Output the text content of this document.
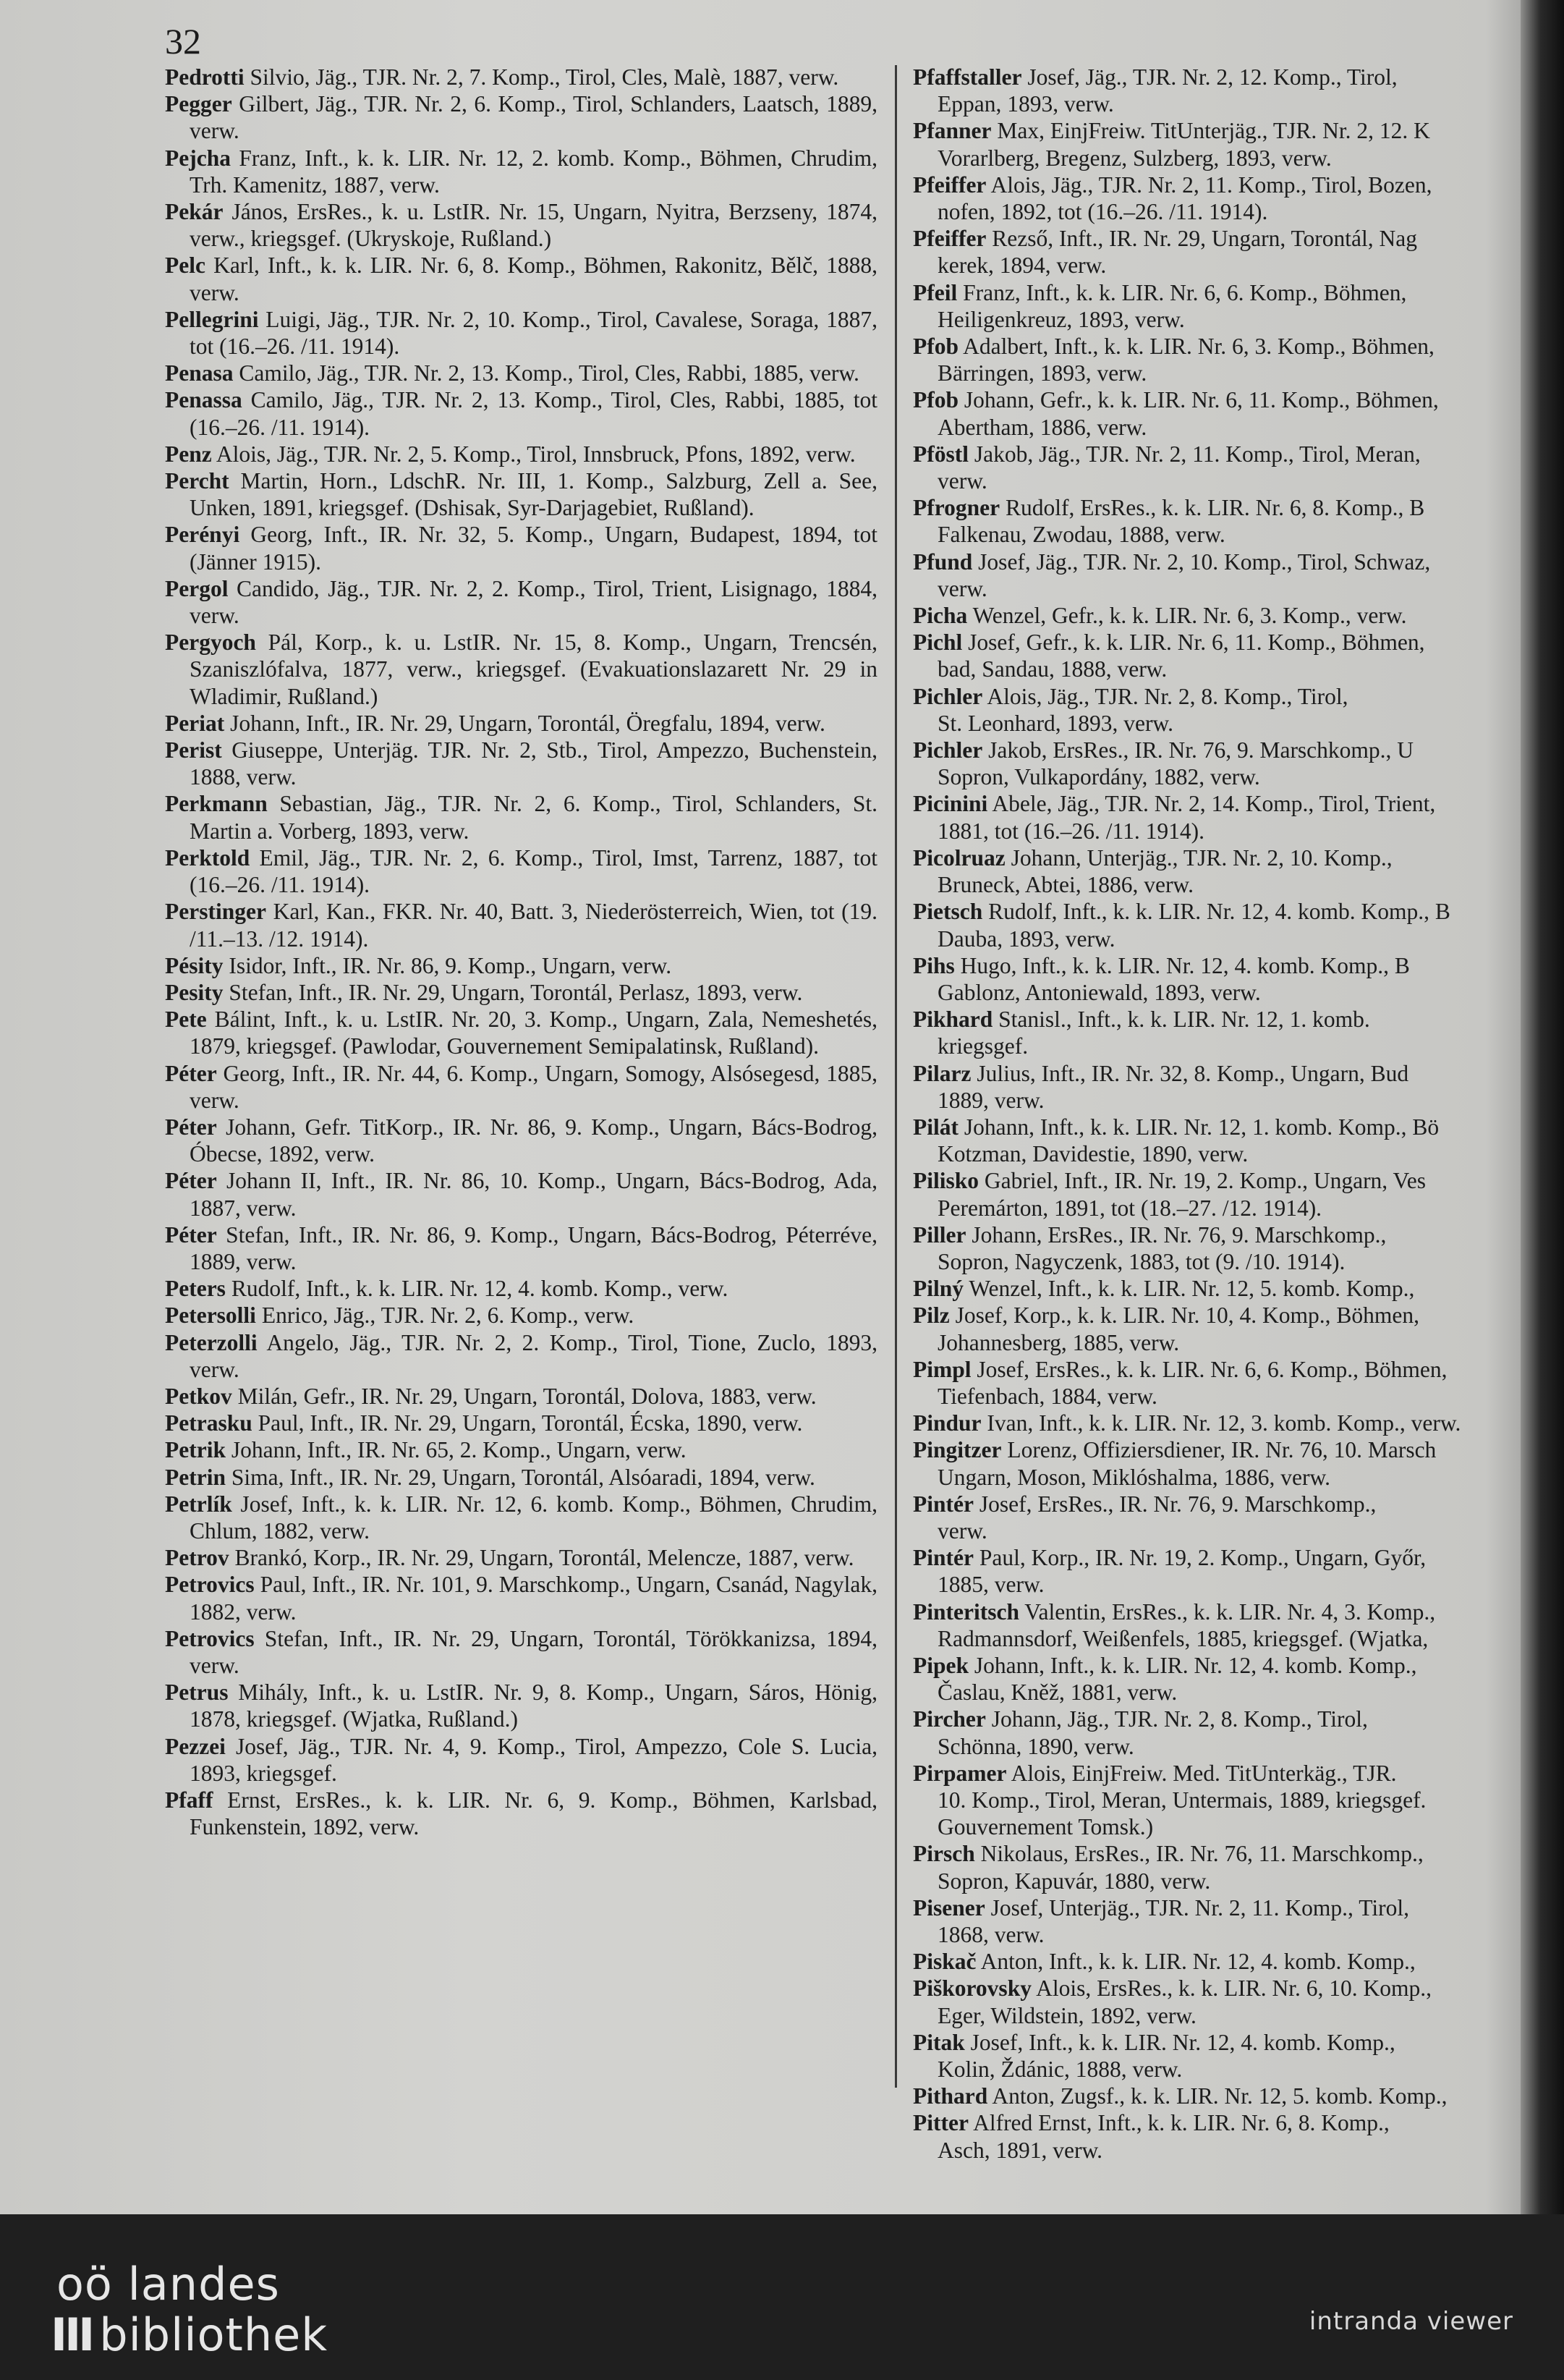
32

Pedrotti Silvio, Jäg., TJR. Nr. 2, 7. Komp., Tirol, Cles, Malè, 1887, verw.

Pegger Gilbert, Jäg., TJR. Nr. 2, 6. Komp., Tirol, Schlanders, Laatsch, 1889, verw.

Pejcha Franz, Inft., k. k. LIR. Nr. 12, 2. komb. Komp., Böhmen, Chrudim, Trh. Kamenitz, 1887, verw.

Pekár János, ErsRes., k. u. LstIR. Nr. 15, Ungarn, Nyitra, Berzseny, 1874, verw., kriegsgef. (Ukryskoje, Rußland.)

Pelc Karl, Inft., k. k. LIR. Nr. 6, 8. Komp., Böhmen, Rakonitz, Bělč, 1888, verw.

Pellegrini Luigi, Jäg., TJR. Nr. 2, 10. Komp., Tirol, Cavalese, Soraga, 1887, tot (16.–26. /11. 1914).

Penasa Camilo, Jäg., TJR. Nr. 2, 13. Komp., Tirol, Cles, Rabbi, 1885, verw.

Penassa Camilo, Jäg., TJR. Nr. 2, 13. Komp., Tirol, Cles, Rabbi, 1885, tot (16.–26. /11. 1914).

Penz Alois, Jäg., TJR. Nr. 2, 5. Komp., Tirol, Innsbruck, Pfons, 1892, verw.

Percht Martin, Horn., LdschR. Nr. III, 1. Komp., Salzburg, Zell a. See, Unken, 1891, kriegsgef. (Dshisak, Syr-Darjagebiet, Rußland).

Perényi Georg, Inft., IR. Nr. 32, 5. Komp., Ungarn, Budapest, 1894, tot (Jänner 1915).

Pergol Candido, Jäg., TJR. Nr. 2, 2. Komp., Tirol, Trient, Lisignago, 1884, verw.

Pergyoch Pál, Korp., k. u. LstIR. Nr. 15, 8. Komp., Ungarn, Trencsén, Szaniszlófalva, 1877, verw., kriegsgef. (Evakuationslazarett Nr. 29 in Wladimir, Rußland.)

Periat Johann, Inft., IR. Nr. 29, Ungarn, Torontál, Öregfalu, 1894, verw.

Perist Giuseppe, Unterjäg. TJR. Nr. 2, Stb., Tirol, Ampezzo, Buchenstein, 1888, verw.

Perkmann Sebastian, Jäg., TJR. Nr. 2, 6. Komp., Tirol, Schlanders, St. Martin a. Vorberg, 1893, verw.

Perktold Emil, Jäg., TJR. Nr. 2, 6. Komp., Tirol, Imst, Tarrenz, 1887, tot (16.–26. /11. 1914).

Perstinger Karl, Kan., FKR. Nr. 40, Batt. 3, Niederösterreich, Wien, tot (19. /11.–13. /12. 1914).

Pésity Isidor, Inft., IR. Nr. 86, 9. Komp., Ungarn, verw.

Pesity Stefan, Inft., IR. Nr. 29, Ungarn, Torontál, Perlasz, 1893, verw.

Pete Bálint, Inft., k. u. LstIR. Nr. 20, 3. Komp., Ungarn, Zala, Nemeshetés, 1879, kriegsgef. (Pawlodar, Gouvernement Semipalatinsk, Rußland).

Péter Georg, Inft., IR. Nr. 44, 6. Komp., Ungarn, Somogy, Alsósegesd, 1885, verw.

Péter Johann, Gefr. TitKorp., IR. Nr. 86, 9. Komp., Ungarn, Bács-Bodrog, Óbecse, 1892, verw.

Péter Johann II, Inft., IR. Nr. 86, 10. Komp., Ungarn, Bács-Bodrog, Ada, 1887, verw.

Péter Stefan, Inft., IR. Nr. 86, 9. Komp., Ungarn, Bács-Bodrog, Péterréve, 1889, verw.

Peters Rudolf, Inft., k. k. LIR. Nr. 12, 4. komb. Komp., verw.

Petersolli Enrico, Jäg., TJR. Nr. 2, 6. Komp., verw.

Peterzolli Angelo, Jäg., TJR. Nr. 2, 2. Komp., Tirol, Tione, Zuclo, 1893, verw.

Petkov Milán, Gefr., IR. Nr. 29, Ungarn, Torontál, Dolova, 1883, verw.

Petrasku Paul, Inft., IR. Nr. 29, Ungarn, Torontál, Écska, 1890, verw.

Petrik Johann, Inft., IR. Nr. 65, 2. Komp., Ungarn, verw.

Petrin Sima, Inft., IR. Nr. 29, Ungarn, Torontál, Alsóaradi, 1894, verw.

Petrlík Josef, Inft., k. k. LIR. Nr. 12, 6. komb. Komp., Böhmen, Chrudim, Chlum, 1882, verw.

Petrov Brankó, Korp., IR. Nr. 29, Ungarn, Torontál, Melencze, 1887, verw.

Petrovics Paul, Inft., IR. Nr. 101, 9. Marschkomp., Ungarn, Csanád, Nagylak, 1882, verw.

Petrovics Stefan, Inft., IR. Nr. 29, Ungarn, Torontál, Törökkanizsa, 1894, verw.

Petrus Mihály, Inft., k. u. LstIR. Nr. 9, 8. Komp., Ungarn, Sáros, Hönig, 1878, kriegsgef. (Wjatka, Rußland.)

Pezzei Josef, Jäg., TJR. Nr. 4, 9. Komp., Tirol, Ampezzo, Cole S. Lucia, 1893, kriegsgef.

Pfaff Ernst, ErsRes., k. k. LIR. Nr. 6, 9. Komp., Böhmen, Karlsbad, Funkenstein, 1892, verw.

Pfaffstaller Josef, Jäg., TJR. Nr. 2, 12. Komp., Tirol,
Eppan, 1893, verw.

Pfanner Max, EinjFreiw. TitUnterjäg., TJR. Nr. 2, 12. K
Vorarlberg, Bregenz, Sulzberg, 1893, verw.

Pfeiffer Alois, Jäg., TJR. Nr. 2, 11. Komp., Tirol, Bozen,
nofen, 1892, tot (16.–26. /11. 1914).

Pfeiffer Rezső, Inft., IR. Nr. 29, Ungarn, Torontál, Nag
kerek, 1894, verw.

Pfeil Franz, Inft., k. k. LIR. Nr. 6, 6. Komp., Böhmen,
Heiligenkreuz, 1893, verw.

Pfob Adalbert, Inft., k. k. LIR. Nr. 6, 3. Komp., Böhmen,
Bärringen, 1893, verw.

Pfob Johann, Gefr., k. k. LIR. Nr. 6, 11. Komp., Böhmen,
Abertham, 1886, verw.

Pföstl Jakob, Jäg., TJR. Nr. 2, 11. Komp., Tirol, Meran,
verw.

Pfrogner Rudolf, ErsRes., k. k. LIR. Nr. 6, 8. Komp., B
Falkenau, Zwodau, 1888, verw.

Pfund Josef, Jäg., TJR. Nr. 2, 10. Komp., Tirol, Schwaz,
verw.

Picha Wenzel, Gefr., k. k. LIR. Nr. 6, 3. Komp., verw.

Pichl Josef, Gefr., k. k. LIR. Nr. 6, 11. Komp., Böhmen,
bad, Sandau, 1888, verw.

Pichler Alois, Jäg., TJR. Nr. 2, 8. Komp., Tirol,
St. Leonhard, 1893, verw.

Pichler Jakob, ErsRes., IR. Nr. 76, 9. Marschkomp., U
Sopron, Vulkapordány, 1882, verw.

Picinini Abele, Jäg., TJR. Nr. 2, 14. Komp., Tirol, Trient,
1881, tot (16.–26. /11. 1914).

Picolruaz Johann, Unterjäg., TJR. Nr. 2, 10. Komp.,
Bruneck, Abtei, 1886, verw.

Pietsch Rudolf, Inft., k. k. LIR. Nr. 12, 4. komb. Komp., B
Dauba, 1893, verw.

Pihs Hugo, Inft., k. k. LIR. Nr. 12, 4. komb. Komp., B
Gablonz, Antoniewald, 1893, verw.

Pikhard Stanisl., Inft., k. k. LIR. Nr. 12, 1. komb.
kriegsgef.

Pilarz Julius, Inft., IR. Nr. 32, 8. Komp., Ungarn, Bud
1889, verw.

Pilát Johann, Inft., k. k. LIR. Nr. 12, 1. komb. Komp., Bö
Kotzman, Davidestie, 1890, verw.

Pilisko Gabriel, Inft., IR. Nr. 19, 2. Komp., Ungarn, Ves
Peremárton, 1891, tot (18.–27. /12. 1914).

Piller Johann, ErsRes., IR. Nr. 76, 9. Marschkomp.,
Sopron, Nagyczenk, 1883, tot (9. /10. 1914).

Pilný Wenzel, Inft., k. k. LIR. Nr. 12, 5. komb. Komp.,

Pilz Josef, Korp., k. k. LIR. Nr. 10, 4. Komp., Böhmen,
Johannesberg, 1885, verw.

Pimpl Josef, ErsRes., k. k. LIR. Nr. 6, 6. Komp., Böhmen,
Tiefenbach, 1884, verw.

Pindur Ivan, Inft., k. k. LIR. Nr. 12, 3. komb. Komp., verw.

Pingitzer Lorenz, Offiziersdiener, IR. Nr. 76, 10. Marsch
Ungarn, Moson, Miklóshalma, 1886, verw.

Pintér Josef, ErsRes., IR. Nr. 76, 9. Marschkomp.,
verw.

Pintér Paul, Korp., IR. Nr. 19, 2. Komp., Ungarn, Győr,
1885, verw.

Pinteritsch Valentin, ErsRes., k. k. LIR. Nr. 4, 3. Komp.,
Radmannsdorf, Weißenfels, 1885, kriegsgef. (Wjatka,

Pipek Johann, Inft., k. k. LIR. Nr. 12, 4. komb. Komp.,
Časlau, Kněž, 1881, verw.

Pircher Johann, Jäg., TJR. Nr. 2, 8. Komp., Tirol,
Schönna, 1890, verw.

Pirpamer Alois, EinjFreiw. Med. TitUnterkäg., TJR.
10. Komp., Tirol, Meran, Untermais, 1889, kriegsgef.
Gouvernement Tomsk.)

Pirsch Nikolaus, ErsRes., IR. Nr. 76, 11. Marschkomp.,
Sopron, Kapuvár, 1880, verw.

Pisener Josef, Unterjäg., TJR. Nr. 2, 11. Komp., Tirol,
1868, verw.

Piskač Anton, Inft., k. k. LIR. Nr. 12, 4. komb. Komp.,

Piškorovsky Alois, ErsRes., k. k. LIR. Nr. 6, 10. Komp.,
Eger, Wildstein, 1892, verw.

Pitak Josef, Inft., k. k. LIR. Nr. 12, 4. komb. Komp.,
Kolin, Ždánic, 1888, verw.

Pithard Anton, Zugsf., k. k. LIR. Nr. 12, 5. komb. Komp.,

Pitter Alfred Ernst, Inft., k. k. LIR. Nr. 6, 8. Komp.,
Asch, 1891, verw.

oö landes
III bibliothek	intranda viewer
